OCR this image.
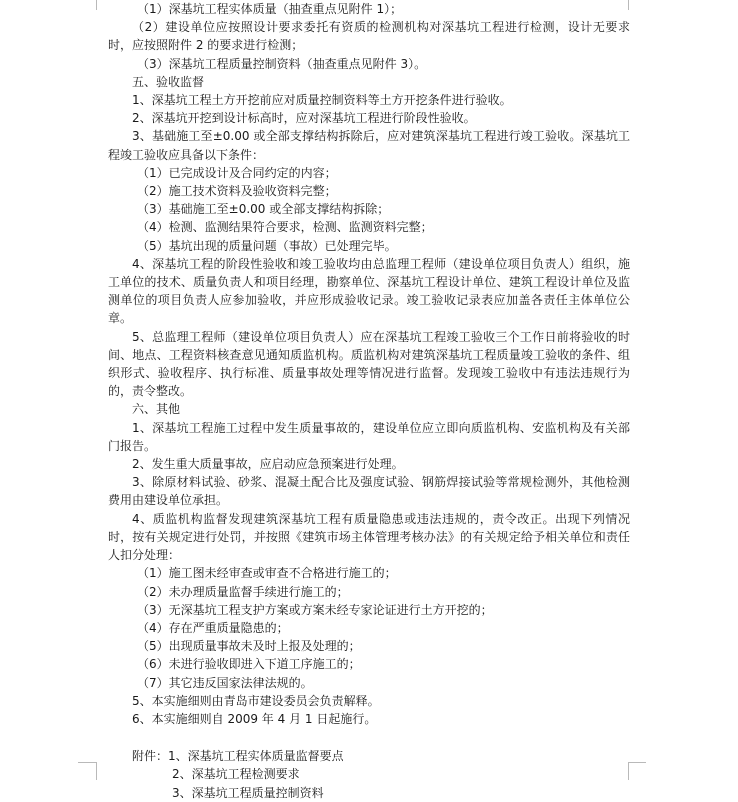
（1）深基坑工程实体质量（抽查重点见附件 1）；

（2）建设单位应按照设计要求委托有资质的检测机构对深基坑工程进行检测，设计无要求时，应按照附件 2 的要求进行检测；

（3）深基坑工程质量控制资料（抽查重点见附件 3）。

五、验收监督

1、深基坑工程土方开挖前应对质量控制资料等土方开挖条件进行验收。

2、深基坑开挖到设计标高时，应对深基坑工程进行阶段性验收。

3、基础施工至±0.00 或全部支撑结构拆除后，应对建筑深基坑工程进行竣工验收。深基坑工程竣工验收应具备以下条件：

（1）已完成设计及合同约定的内容；

（2）施工技术资料及验收资料完整；

（3）基础施工至±0.00 或全部支撑结构拆除；

（4）检测、监测结果符合要求，检测、监测资料完整；

（5）基坑出现的质量问题（事故）已处理完毕。

4、深基坑工程的阶段性验收和竣工验收均由总监理工程师（建设单位项目负责人）组织，施工单位的技术、质量负责人和项目经理，勘察单位、深基坑工程设计单位、建筑工程设计单位及监测单位的项目负责人应参加验收，并应形成验收记录。竣工验收记录表应加盖各责任主体单位公章。

5、总监理工程师（建设单位项目负责人）应在深基坑工程竣工验收三个工作日前将验收的时间、地点、工程资料核查意见通知质监机构。质监机构对建筑深基坑工程质量竣工验收的条件、组织形式、验收程序、执行标准、质量事故处理等情况进行监督。发现竣工验收中有违法违规行为的，责令整改。

六、其他

1、深基坑工程施工过程中发生质量事故的，建设单位应立即向质监机构、安监机构及有关部门报告。

2、发生重大质量事故，应启动应急预案进行处理。

3、除原材料试验、砂浆、混凝土配合比及强度试验、钢筋焊接试验等常规检测外，其他检测费用由建设单位承担。

4、质监机构监督发现建筑深基坑工程有质量隐患或违法违规的，责令改正。出现下列情况时，按有关规定进行处罚，并按照《建筑市场主体管理考核办法》的有关规定给予相关单位和责任人扣分处理：

（1）施工图未经审查或审查不合格进行施工的；

（2）未办理质量监督手续进行施工的；

（3）无深基坑工程支护方案或方案未经专家论证进行土方开挖的；

（4）存在严重质量隐患的；

（5）出现质量事故未及时上报及处理的；

（6）未进行验收即进入下道工序施工的；

（7）其它违反国家法律法规的。

5、本实施细则由青岛市建设委员会负责解释。

6、本实施细则自 2009 年 4 月 1 日起施行。

附件：1、深基坑工程实体质量监督要点

2、深基坑工程检测要求

3、深基坑工程质量控制资料
